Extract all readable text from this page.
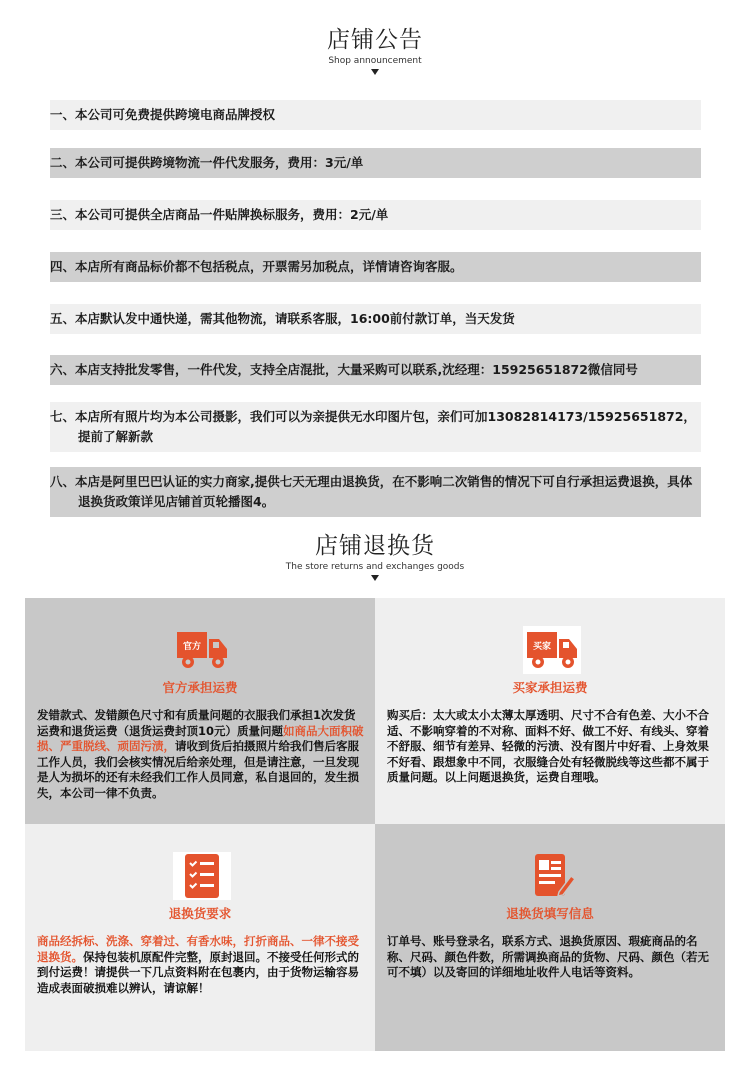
店铺公告
Shop announcement
一、本公司可免费提供跨境电商品牌授权
二、本公司可提供跨境物流一件代发服务，费用：3元/单
三、本公司可提供全店商品一件贴牌换标服务，费用：2元/单
四、本店所有商品标价都不包括税点，开票需另加税点，详情请咨询客服。
五、本店默认发中通快递，需其他物流，请联系客服，16:00前付款订单，当天发货
六、本店支持批发零售，一件代发，支持全店混批，大量采购可以联系,沈经理：15925651872微信同号
七、本店所有照片均为本公司摄影，我们可以为亲提供无水印图片包，亲们可加13082814173/15925651872，提前了解新款
八、本店是阿里巴巴认证的实力商家,提供七天无理由退换货，在不影响二次销售的情况下可自行承担运费退换，具体退换货政策详见店铺首页轮播图4。
店铺退换货
The store returns and exchanges goods
官方
官方承担运费
发错款式、发错颜色尺寸和有质量问题的衣服我们承担1次发货运费和退货运费（退货运费封顶10元）质量问题如商品大面积破损、严重脱线、顽固污渍，请收到货后拍摄照片给我们售后客服工作人员，我们会核实情况后给亲处理，但是请注意，一旦发现是人为损坏的还有未经我们工作人员同意，私自退回的，发生损失，本公司一律不负责。
买家
买家承担运费
购买后：太大或太小太薄太厚透明、尺寸不合有色差、大小不合适、不影响穿着的不对称、面料不好、做工不好、有线头、穿着不舒服、细节有差异、轻微的污渍、没有图片中好看、上身效果不好看、跟想象中不同，衣服缝合处有轻微脱线等这些都不属于质量问题。以上问题退换货，运费自理哦。
退换货要求
商品经拆标、洗涤、穿着过、有香水味，打折商品、一律不接受退换货。保持包装机原配件完整，原封退回。不接受任何形式的到付运费！请提供一下几点资料附在包裹内，由于货物运输容易造成表面破损难以辨认，请谅解！
退换货填写信息
订单号、账号登录名，联系方式、退换货原因、瑕疵商品的名称、尺码、颜色件数，所需调换商品的货物、尺码、颜色（若无可不填）以及寄回的详细地址收件人电话等资料。
